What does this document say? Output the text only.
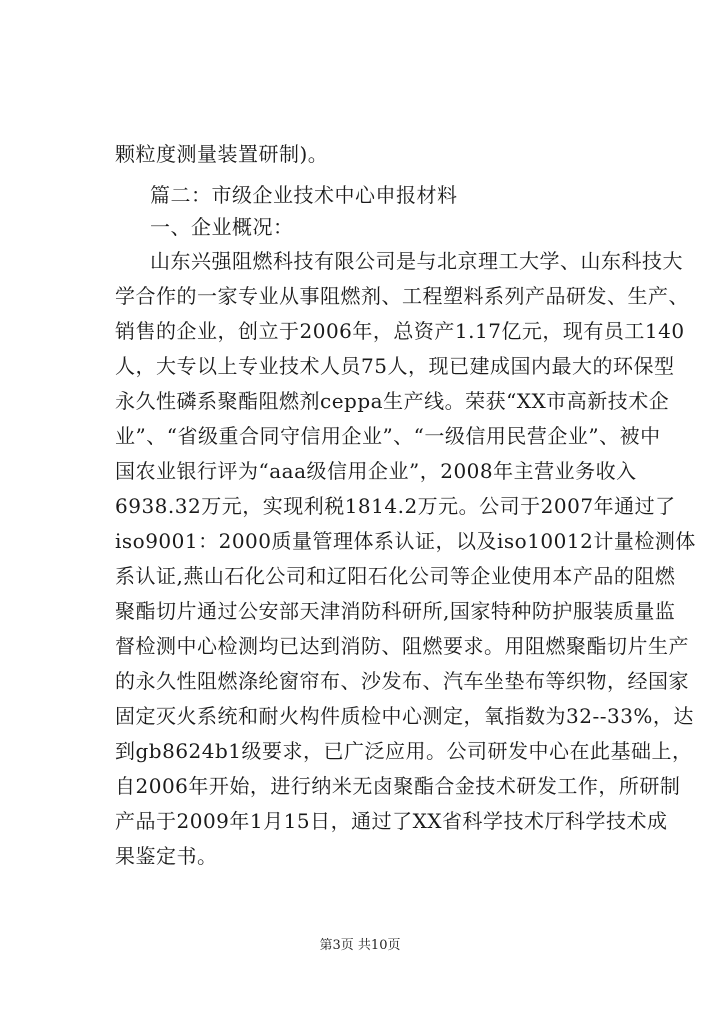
颗粒度测量装置研制)。
篇二：市级企业技术中心申报材料
一、企业概况：
山东兴强阻燃科技有限公司是与北京理工大学、山东科技大
学合作的一家专业从事阻燃剂、工程塑料系列产品研发、生产、
销售的企业，创立于2006年，总资产1.17亿元，现有员工140
人，大专以上专业技术人员75人，现已建成国内最大的环保型
永久性磷系聚酯阻燃剂ceppa生产线。荣获“XX市高新技术企
业”、“省级重合同守信用企业”、“一级信用民营企业”、被中
国农业银行评为“aaa级信用企业”，2008年主营业务收入
6938.32万元，实现利税1814.2万元。公司于2007年通过了
iso9001：2000质量管理体系认证，以及iso10012计量检测体
系认证,燕山石化公司和辽阳石化公司等企业使用本产品的阻燃
聚酯切片通过公安部天津消防科研所,国家特种防护服装质量监
督检测中心检测均已达到消防、阻燃要求。用阻燃聚酯切片生产
的永久性阻燃涤纶窗帘布、沙发布、汽车坐垫布等织物，经国家
固定灭火系统和耐火构件质检中心测定，氧指数为32--33%，达
到gb8624b1级要求，已广泛应用。公司研发中心在此基础上，
自2006年开始，进行纳米无卤聚酯合金技术研发工作，所研制
产品于2009年1月15日，通过了XX省科学技术厅科学技术成
果鉴定书。
第3页 共10页
